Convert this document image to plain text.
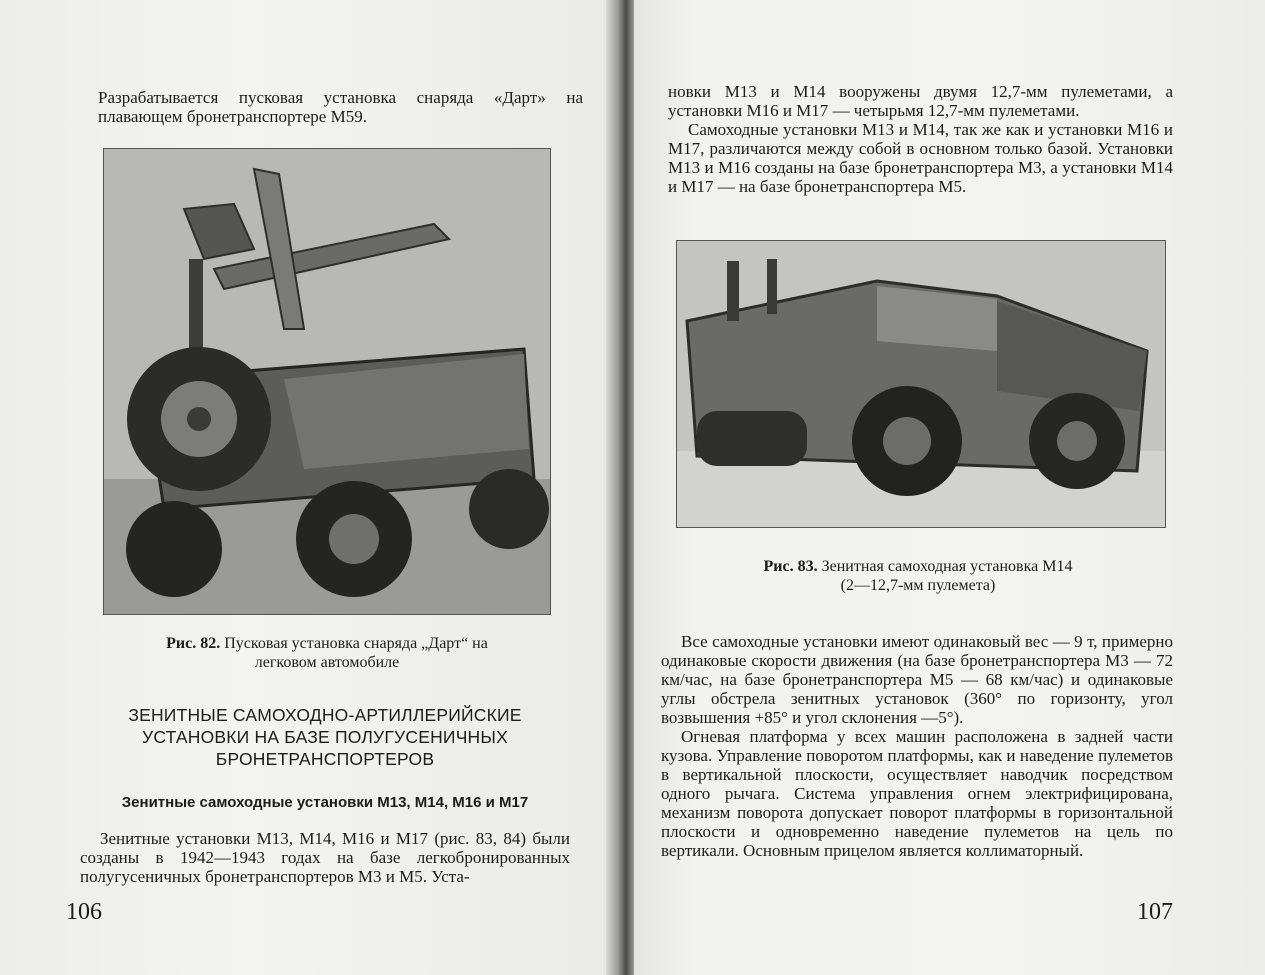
Разрабатывается пусковая установка снаряда «Дарт» на плавающем бронетранспортере M59.

Рис. 82. Пусковая установка снаряда „Дарт“ на
легковом автомобиле
ЗЕНИТНЫЕ САМОХОДНО-АРТИЛЛЕРИЙСКИЕ
УСТАНОВКИ НА БАЗЕ ПОЛУГУСЕНИЧНЫХ
БРОНЕТРАНСПОРТЕРОВ
Зенитные самоходные установки М13, М14, М16 и М17

Зенитные установки М13, М14, М16 и М17 (рис. 83, 84) были созданы в 1942—1943 годах на базе легкобронированных полугусеничных бронетранспортеров М3 и М5. Уста-

106

новки М13 и М14 вооружены двумя 12,7-мм пулеметами, а установки М16 и М17 — четырьмя 12,7-мм пулеметами.

Самоходные установки М13 и М14, так же как и установки М16 и М17, различаются между собой в основном только базой. Установки М13 и М16 созданы на базе бронетранспортера М3, а установки М14 и М17 — на базе бронетранспортера М5.

Рис. 83. Зенитная самоходная установка М14
(2—12,7-мм пулемета)

Все самоходные установки имеют одинаковый вес — 9 т, примерно одинаковые скорости движения (на базе бронетранспортера М3 — 72 км/час, на базе бронетранспортера М5 — 68 км/час) и одинаковые углы обстрела зенитных установок (360° по горизонту, угол возвышения +85° и угол склонения —5°).

Огневая платформа у всех машин расположена в задней части кузова. Управление поворотом платформы, как и наведение пулеметов в вертикальной плоскости, осуществляет наводчик посредством одного рычага. Система управления огнем электрифицирована, механизм поворота допускает поворот платформы в горизонтальной плоскости и одновременно наведение пулеметов на цель по вертикали. Основным прицелом является коллиматорный.

107
